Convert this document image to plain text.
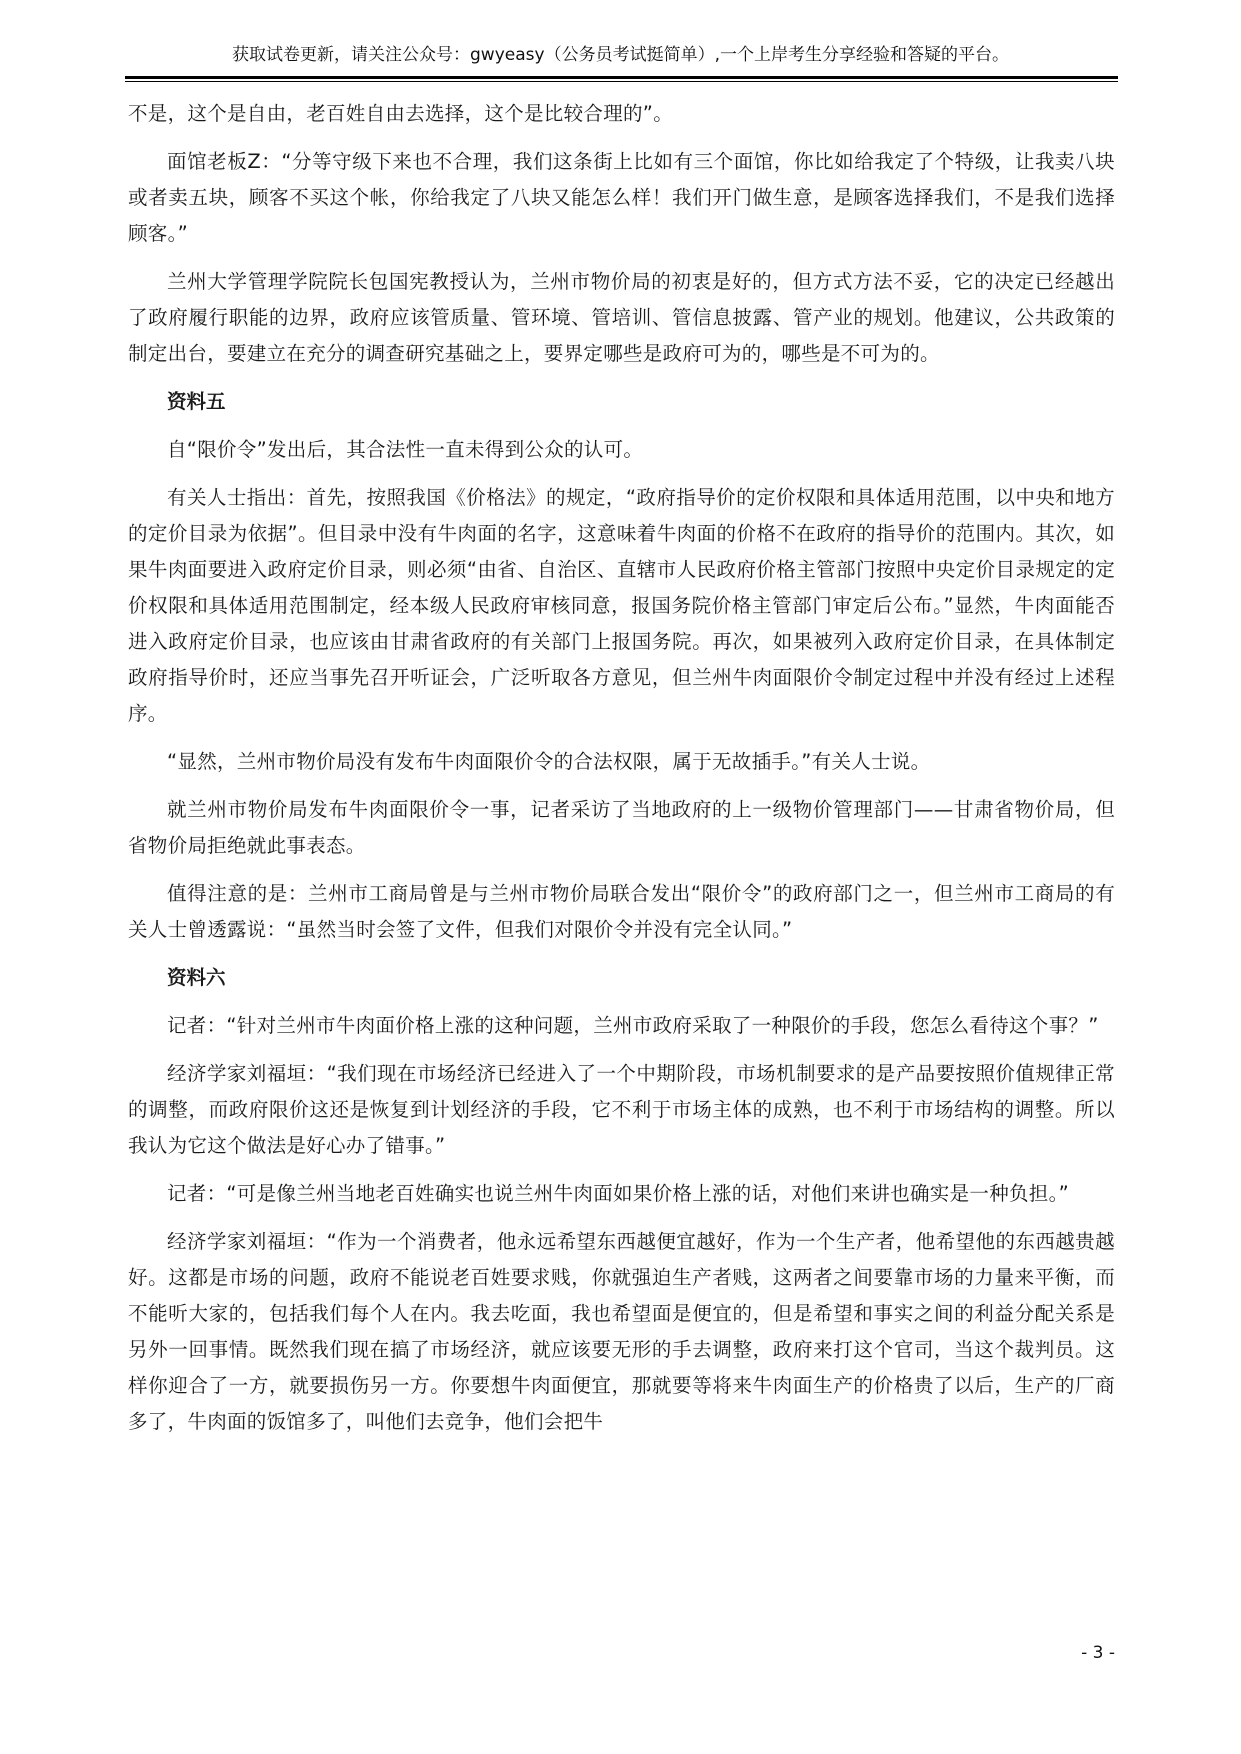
获取试卷更新，请关注公众号：gwyeasy（公务员考试挺简单）,一个上岸考生分享经验和答疑的平台。

不是，这个是自由，老百姓自由去选择，这个是比较合理的”。

面馆老板Z：“分等守级下来也不合理，我们这条街上比如有三个面馆，你比如给我定了个特级，让我卖八块或者卖五块，顾客不买这个帐，你给我定了八块又能怎么样！我们开门做生意，是顾客选择我们，不是我们选择顾客。”

兰州大学管理学院院长包国宪教授认为，兰州市物价局的初衷是好的，但方式方法不妥，它的决定已经越出了政府履行职能的边界，政府应该管质量、管环境、管培训、管信息披露、管产业的规划。他建议，公共政策的制定出台，要建立在充分的调查研究基础之上，要界定哪些是政府可为的，哪些是不可为的。

资料五

自“限价令”发出后，其合法性一直未得到公众的认可。

有关人士指出：首先，按照我国《价格法》的规定，“政府指导价的定价权限和具体适用范围，以中央和地方的定价目录为依据”。但目录中没有牛肉面的名字，这意味着牛肉面的价格不在政府的指导价的范围内。其次，如果牛肉面要进入政府定价目录，则必须“由省、自治区、直辖市人民政府价格主管部门按照中央定价目录规定的定价权限和具体适用范围制定，经本级人民政府审核同意，报国务院价格主管部门审定后公布。”显然，牛肉面能否进入政府定价目录，也应该由甘肃省政府的有关部门上报国务院。再次，如果被列入政府定价目录，在具体制定政府指导价时，还应当事先召开听证会，广泛听取各方意见，但兰州牛肉面限价令制定过程中并没有经过上述程序。

“显然，兰州市物价局没有发布牛肉面限价令的合法权限，属于无故插手。”有关人士说。

就兰州市物价局发布牛肉面限价令一事，记者采访了当地政府的上一级物价管理部门——甘肃省物价局，但省物价局拒绝就此事表态。

值得注意的是：兰州市工商局曾是与兰州市物价局联合发出“限价令”的政府部门之一，但兰州市工商局的有关人士曾透露说：“虽然当时会签了文件，但我们对限价令并没有完全认同。”

资料六

记者：“针对兰州市牛肉面价格上涨的这种问题，兰州市政府采取了一种限价的手段，您怎么看待这个事？”

经济学家刘福垣：“我们现在市场经济已经进入了一个中期阶段，市场机制要求的是产品要按照价值规律正常的调整，而政府限价这还是恢复到计划经济的手段，它不利于市场主体的成熟，也不利于市场结构的调整。所以我认为它这个做法是好心办了错事。”

记者：“可是像兰州当地老百姓确实也说兰州牛肉面如果价格上涨的话，对他们来讲也确实是一种负担。”

经济学家刘福垣：“作为一个消费者，他永远希望东西越便宜越好，作为一个生产者，他希望他的东西越贵越好。这都是市场的问题，政府不能说老百姓要求贱，你就强迫生产者贱，这两者之间要靠市场的力量来平衡，而不能听大家的，包括我们每个人在内。我去吃面，我也希望面是便宜的，但是希望和事实之间的利益分配关系是另外一回事情。既然我们现在搞了市场经济，就应该要无形的手去调整，政府来打这个官司，当这个裁判员。这样你迎合了一方，就要损伤另一方。你要想牛肉面便宜，那就要等将来牛肉面生产的价格贵了以后，生产的厂商多了，牛肉面的饭馆多了，叫他们去竞争，他们会把牛

- 3 -
